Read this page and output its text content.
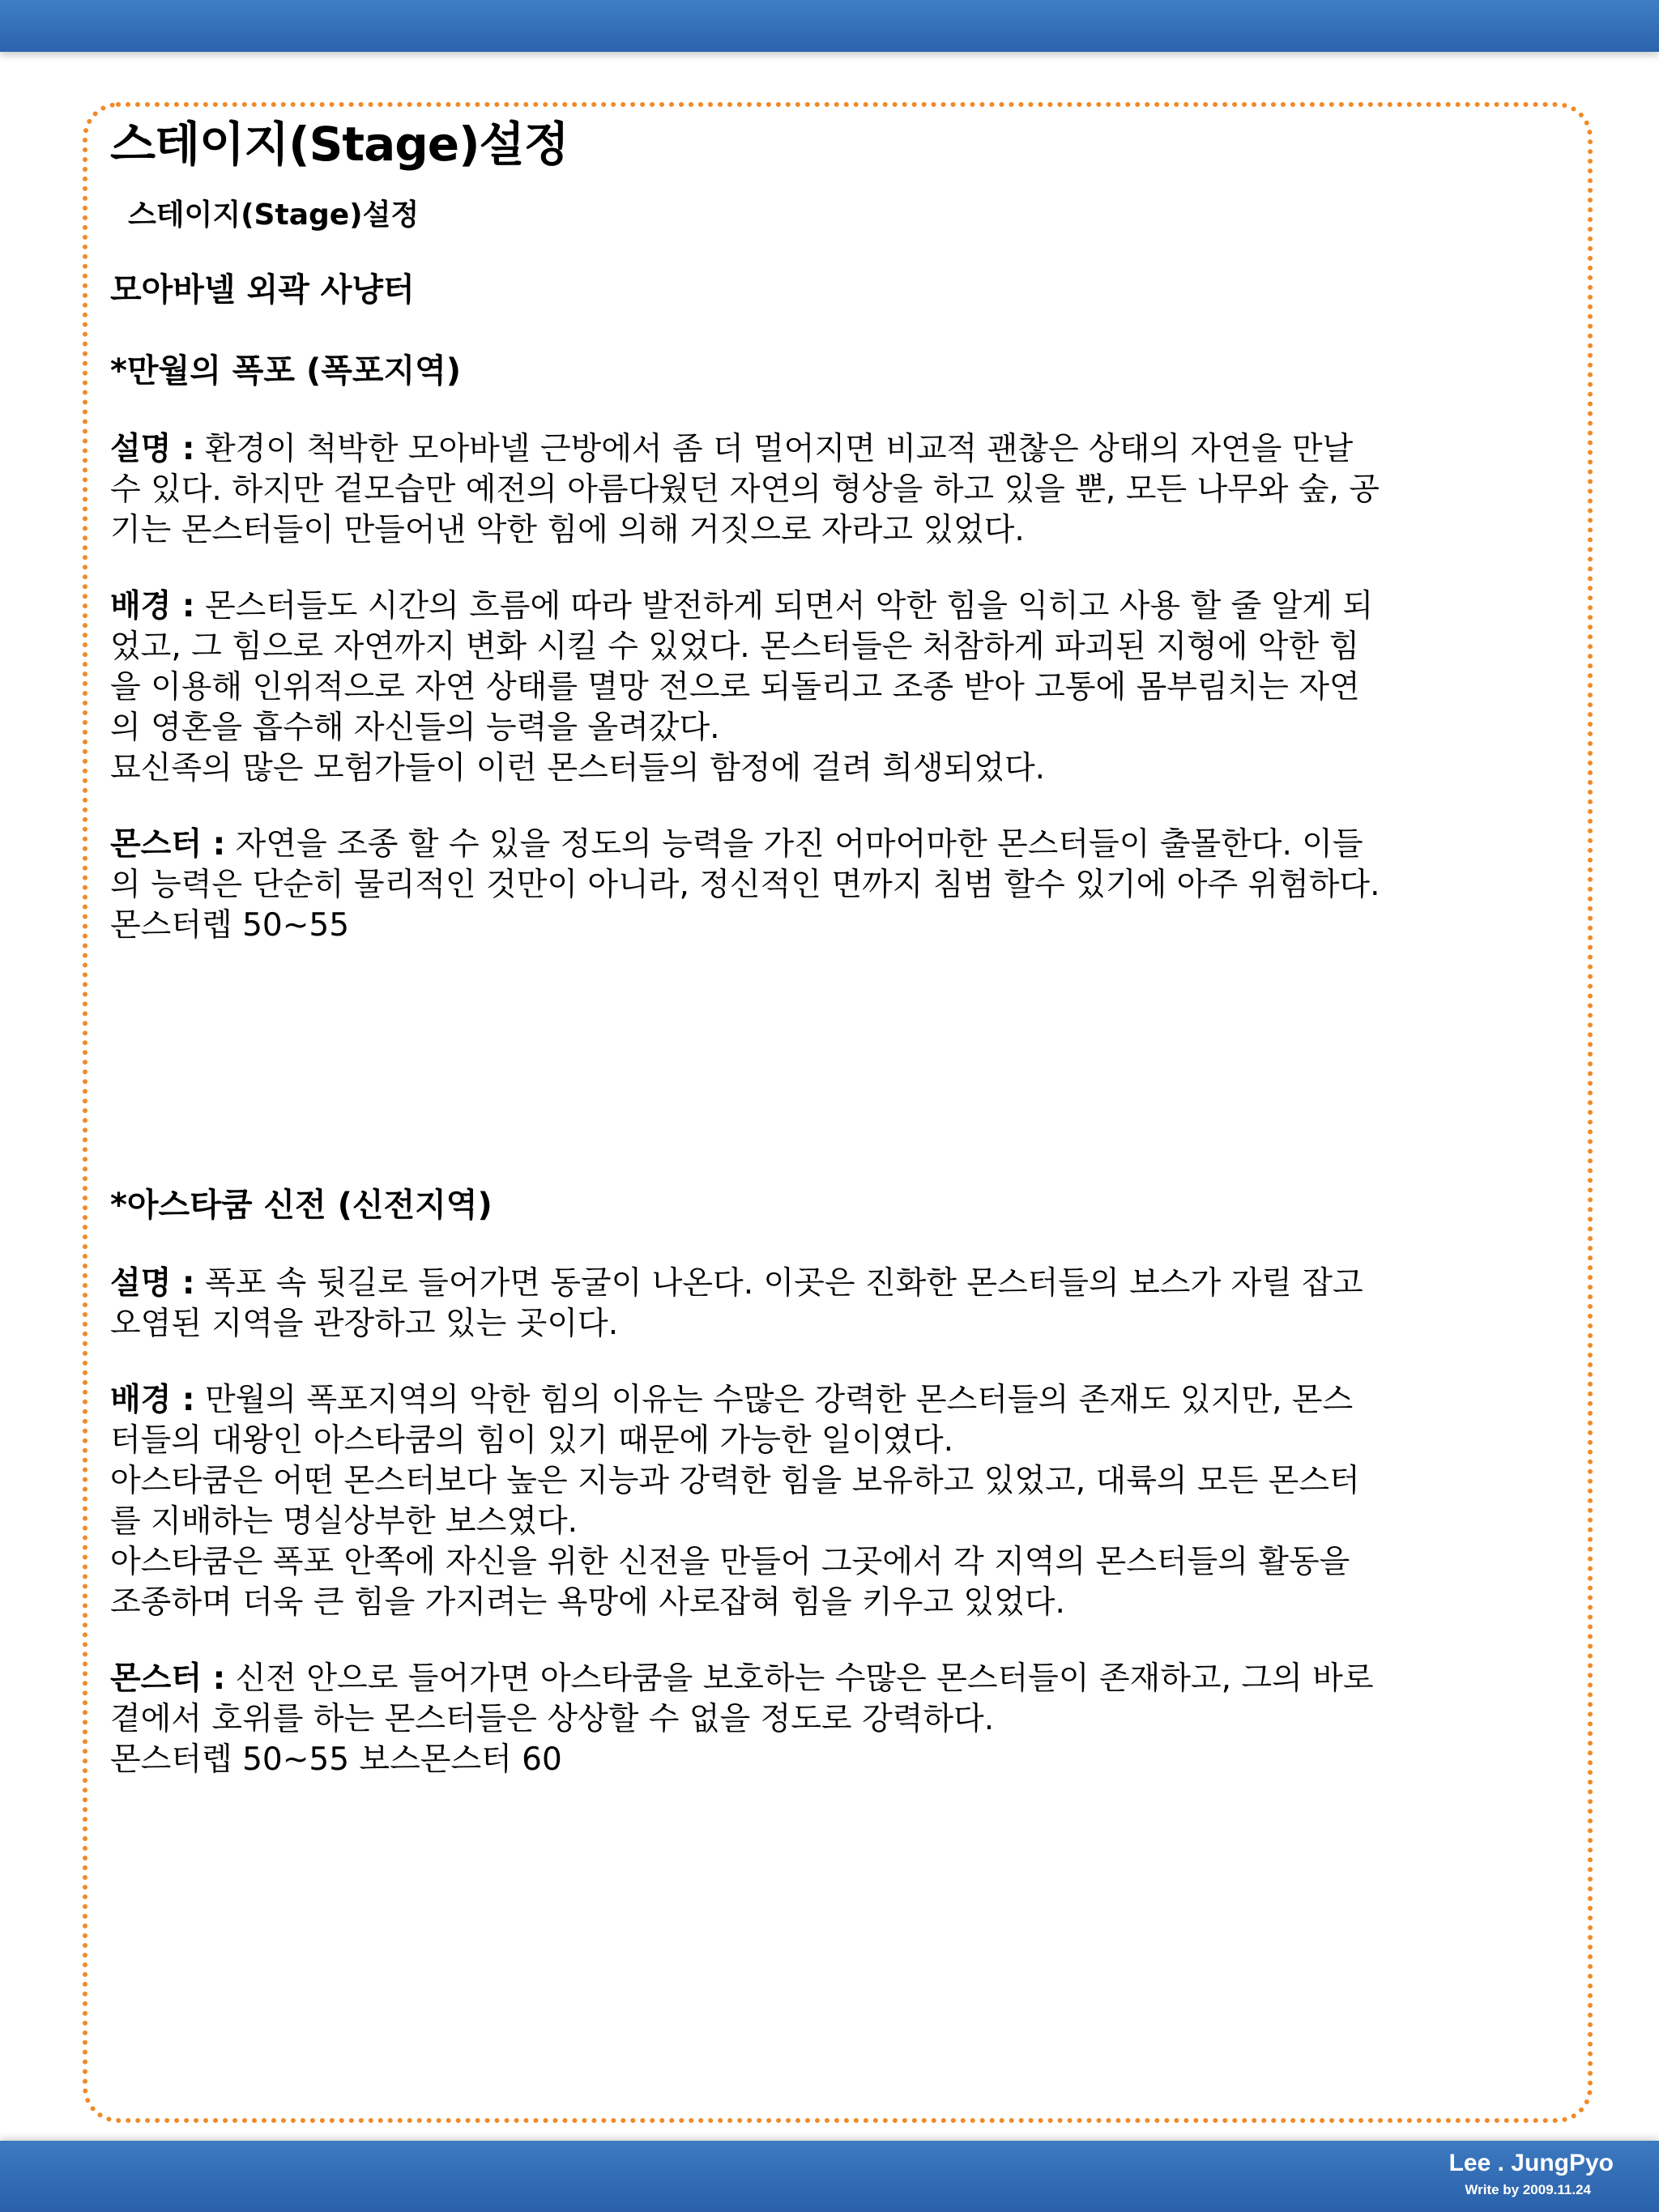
스테이지(Stage)설정
스테이지(Stage)설정
모아바넬 외곽 사냥터
*만월의 폭포 (폭포지역)
설명 : 환경이 척박한 모아바넬 근방에서 좀 더 멀어지면 비교적 괜찮은 상태의 자연을 만날
수 있다. 하지만 겉모습만 예전의 아름다웠던 자연의 형상을 하고 있을 뿐, 모든 나무와 숲, 공
기는 몬스터들이 만들어낸 악한 힘에 의해 거짓으로 자라고 있었다.
배경 : 몬스터들도 시간의 흐름에 따라 발전하게 되면서 악한 힘을 익히고 사용 할 줄 알게 되
었고, 그 힘으로 자연까지 변화 시킬 수 있었다. 몬스터들은 처참하게 파괴된 지형에 악한 힘
을 이용해 인위적으로 자연 상태를 멸망 전으로 되돌리고 조종 받아 고통에 몸부림치는 자연
의 영혼을 흡수해 자신들의 능력을 올려갔다.
묘신족의 많은 모험가들이 이런 몬스터들의 함정에 걸려 희생되었다.
몬스터 : 자연을 조종 할 수 있을 정도의 능력을 가진 어마어마한 몬스터들이 출몰한다. 이들
의 능력은 단순히 물리적인 것만이 아니라, 정신적인 면까지 침범 할수 있기에 아주 위험하다.
몬스터렙 50~55
*아스타쿰 신전 (신전지역)
설명 : 폭포 속 뒷길로 들어가면 동굴이 나온다. 이곳은 진화한 몬스터들의 보스가 자릴 잡고
오염된 지역을 관장하고 있는 곳이다.
배경 : 만월의 폭포지역의 악한 힘의 이유는 수많은 강력한 몬스터들의 존재도 있지만, 몬스
터들의 대왕인 아스타쿰의 힘이 있기 때문에 가능한 일이였다.
아스타쿰은 어떤 몬스터보다 높은 지능과 강력한 힘을 보유하고 있었고, 대륙의 모든 몬스터
를 지배하는 명실상부한 보스였다.
아스타쿰은 폭포 안쪽에 자신을 위한 신전을 만들어 그곳에서 각 지역의 몬스터들의 활동을
조종하며 더욱 큰 힘을 가지려는 욕망에 사로잡혀 힘을 키우고 있었다.
몬스터 : 신전 안으로 들어가면 아스타쿰을 보호하는 수많은 몬스터들이 존재하고, 그의 바로
곁에서 호위를 하는 몬스터들은 상상할 수 없을 정도로 강력하다.
몬스터렙 50~55 보스몬스터 60
Lee . JungPyo
Write by 2009.11.24
